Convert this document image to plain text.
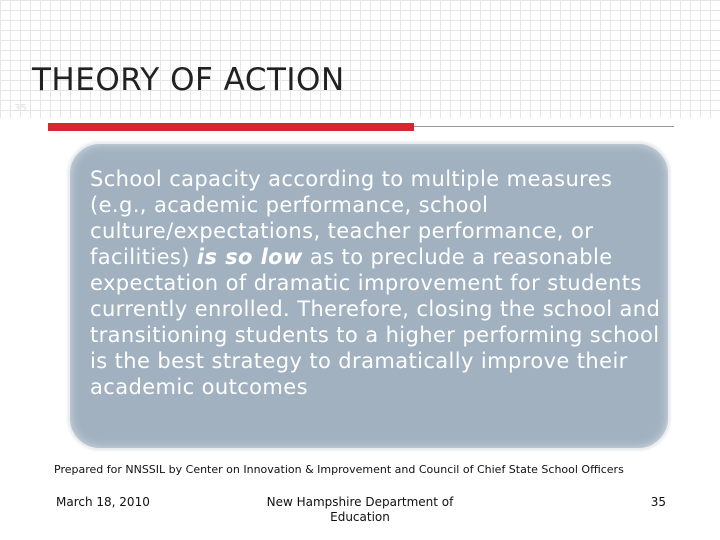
THEORY OF ACTION
35
School capacity according to multiple measures (e.g., academic performance, school culture/expectations, teacher performance, or facilities) is so low as to preclude a reasonable expectation of dramatic improvement for students currently enrolled. Therefore, closing the school and transitioning students to a higher performing school is the best strategy to dramatically improve their academic outcomes
Prepared for NNSSIL by Center on Innovation & Improvement and Council of Chief State School Officers
March 18, 2010	New Hampshire Department of Education
35
